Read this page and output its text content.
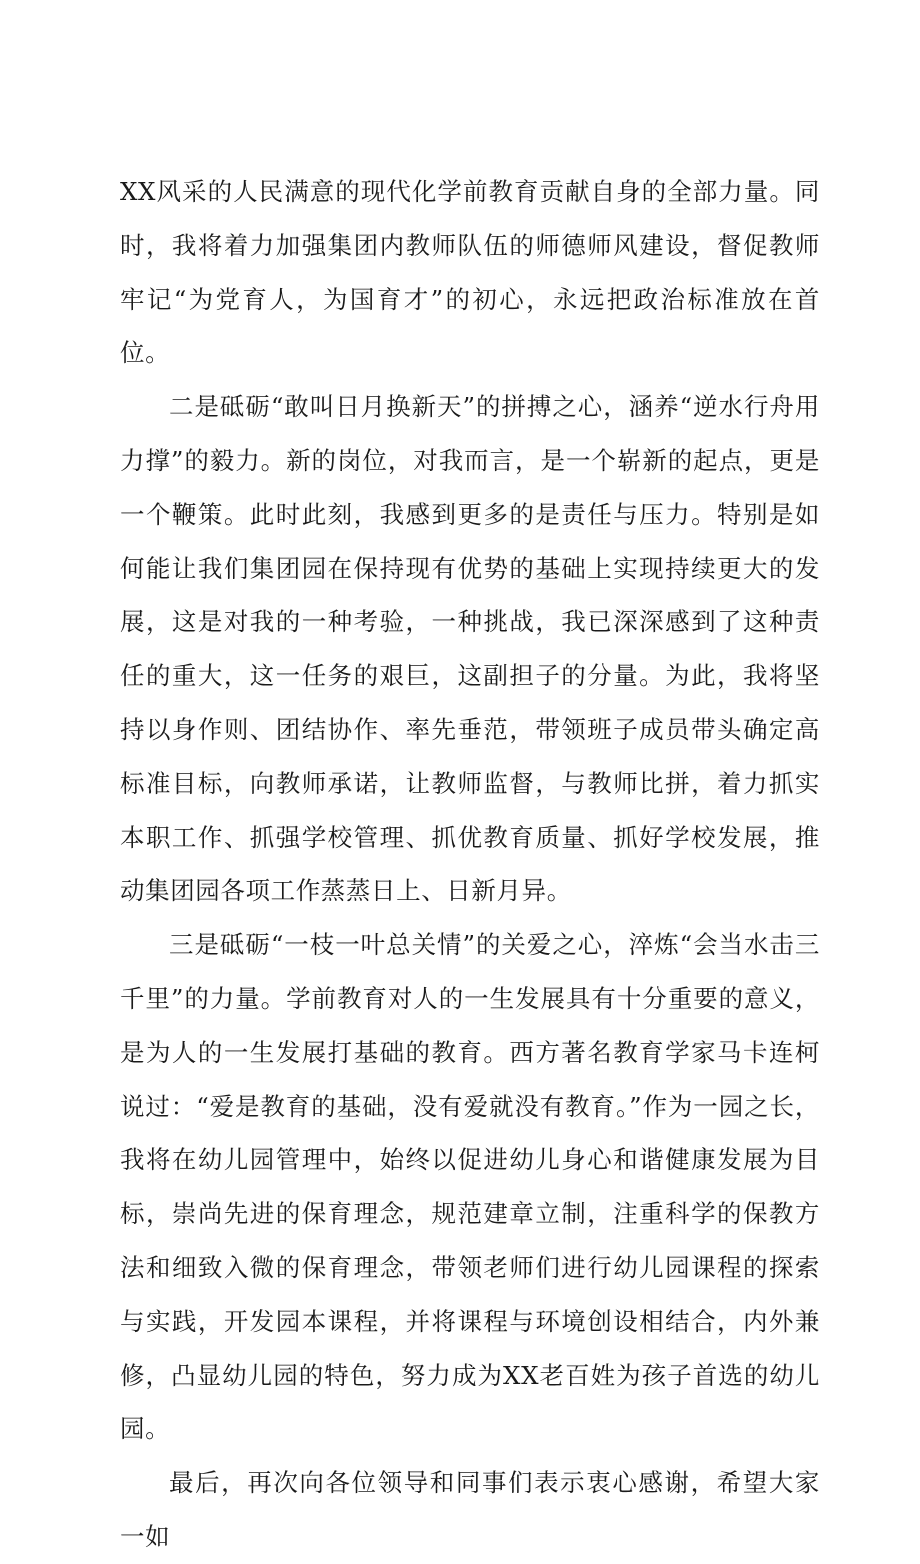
XX风采的人民满意的现代化学前教育贡献自身的全部力量。同时，我将着力加强集团内教师队伍的师德师风建设，督促教师牢记“为党育人，为国育才”的初心，永远把政治标准放在首位。

二是砥砺“敢叫日月换新天”的拼搏之心，涵养“逆水行舟用力撑”的毅力。新的岗位，对我而言，是一个崭新的起点，更是一个鞭策。此时此刻，我感到更多的是责任与压力。特别是如何能让我们集团园在保持现有优势的基础上实现持续更大的发展，这是对我的一种考验，一种挑战，我已深深感到了这种责任的重大，这一任务的艰巨，这副担子的分量。为此，我将坚持以身作则、团结协作、率先垂范，带领班子成员带头确定高标准目标，向教师承诺，让教师监督，与教师比拼，着力抓实本职工作、抓强学校管理、抓优教育质量、抓好学校发展，推动集团园各项工作蒸蒸日上、日新月异。

三是砥砺“一枝一叶总关情”的关爱之心，淬炼“会当水击三千里”的力量。学前教育对人的一生发展具有十分重要的意义，是为人的一生发展打基础的教育。西方著名教育学家马卡连柯说过：“爱是教育的基础，没有爱就没有教育。”作为一园之长，我将在幼儿园管理中，始终以促进幼儿身心和谐健康发展为目标，崇尚先进的保育理念，规范建章立制，注重科学的保教方法和细致入微的保育理念，带领老师们进行幼儿园课程的探索与实践，开发园本课程，并将课程与环境创设相结合，内外兼修，凸显幼儿园的特色，努力成为XX老百姓为孩子首选的幼儿园。

最后，再次向各位领导和同事们表示衷心感谢，希望大家一如
